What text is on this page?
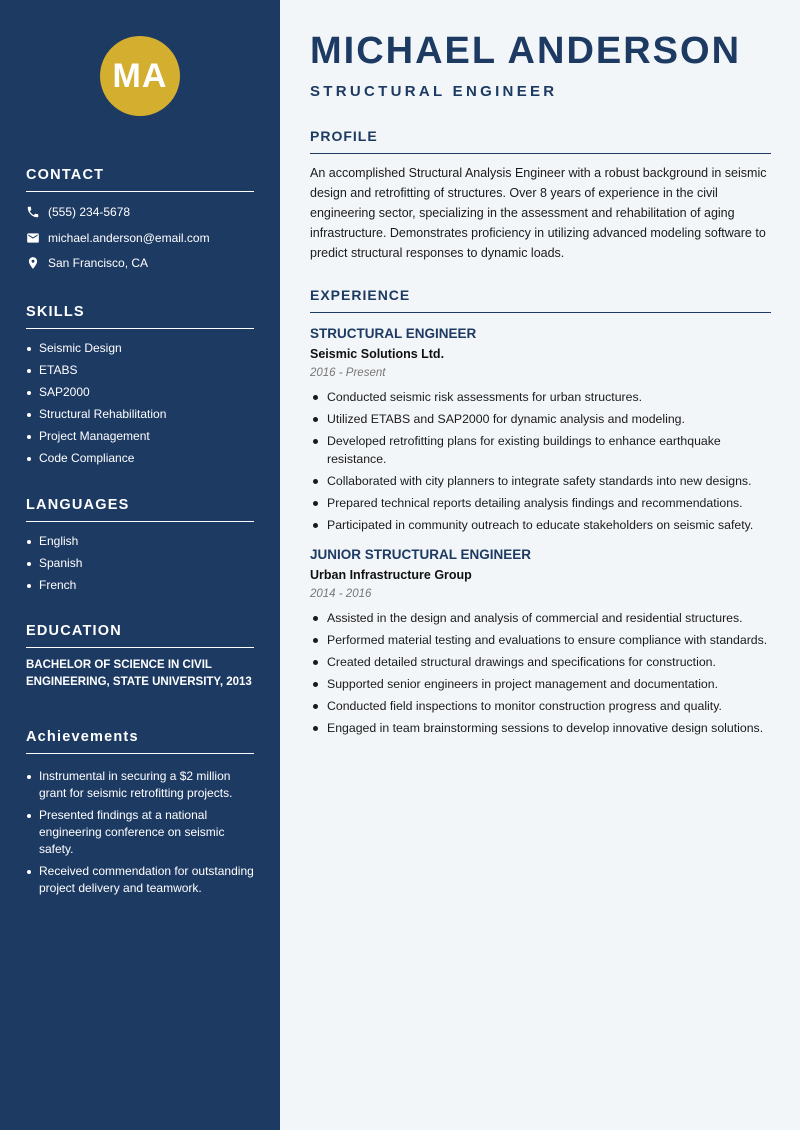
MA
CONTACT
(555) 234-5678
michael.anderson@email.com
San Francisco, CA
SKILLS
Seismic Design
ETABS
SAP2000
Structural Rehabilitation
Project Management
Code Compliance
LANGUAGES
English
Spanish
French
EDUCATION

BACHELOR OF SCIENCE IN CIVIL ENGINEERING, STATE UNIVERSITY, 2013

Achievements
Instrumental in securing a $2 million grant for seismic retrofitting projects.
Presented findings at a national engineering conference on seismic safety.
Received commendation for outstanding project delivery and teamwork.
MICHAEL ANDERSON
STRUCTURAL ENGINEER
PROFILE

An accomplished Structural Analysis Engineer with a robust background in seismic design and retrofitting of structures. Over 8 years of experience in the civil engineering sector, specializing in the assessment and rehabilitation of aging infrastructure. Demonstrates proficiency in utilizing advanced modeling software to predict structural responses to dynamic loads.

EXPERIENCE

STRUCTURAL ENGINEER

Seismic Solutions Ltd.

2016 - Present

Conducted seismic risk assessments for urban structures.
Utilized ETABS and SAP2000 for dynamic analysis and modeling.
Developed retrofitting plans for existing buildings to enhance earthquake resistance.
Collaborated with city planners to integrate safety standards into new designs.
Prepared technical reports detailing analysis findings and recommendations.
Participated in community outreach to educate stakeholders on seismic safety.

JUNIOR STRUCTURAL ENGINEER

Urban Infrastructure Group

2014 - 2016

Assisted in the design and analysis of commercial and residential structures.
Performed material testing and evaluations to ensure compliance with standards.
Created detailed structural drawings and specifications for construction.
Supported senior engineers in project management and documentation.
Conducted field inspections to monitor construction progress and quality.
Engaged in team brainstorming sessions to develop innovative design solutions.
